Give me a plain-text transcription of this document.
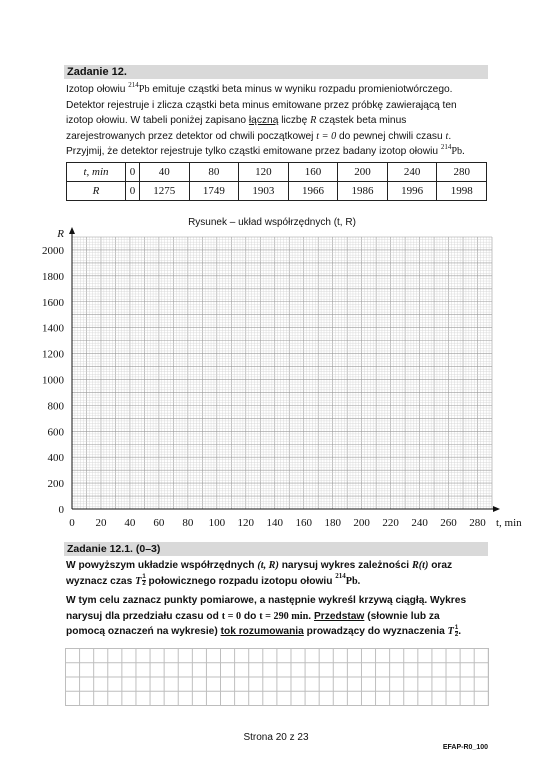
Zadanie 12.
Izotop ołowiu $^{214}$Pb emituje cząstki beta minus w wyniku rozpadu promieniotwórczego.
Detektor rejestruje i zlicza cząstki beta minus emitowane przez próbkę zawierającą ten
izotop ołowiu. W tabeli poniżej zapisano łączną liczbę R cząstek beta minus
zarejestrowanych przez detektor od chwili początkowej t = 0 do pewnej chwili czasu t.
Przyjmij, że detektor rejestruje tylko cząstki emitowane przez badany izotop ołowiu $^{214}$Pb.
t, min	0	40	80	120	160	200	240	280
R	0	1275	1749	1903	1966	1986	1996	1998
Rysunek – układ współrzędnych (t, R)
0 20 40 60 80 100 120 140 160 180 200 220 240 260 280
0
200
400
600
800
1000
1200
1400
1600
1800
2000
t, min
R
Zadanie 12.1. (0–3)
W powyższym układzie współrzędnych (t, R) narysuj wykres zależności R(t) oraz
wyznacz czas T $\frac{1}{2}$ połowicznego rozpadu izotopu ołowiu $^{214}$Pb.
W tym celu zaznacz punkty pomiarowe, a następnie wykreśl krzywą ciągłą. Wykres
narysuj dla przedziału czasu od t = 0 do t = 290 min. Przedstaw (słownie lub za
pomocą oznaczeń na wykresie) tok rozumowania prowadzący do wyznaczenia T $\frac{1}{2}$ .
Strona 20 z 23
EFAP-R0_100
